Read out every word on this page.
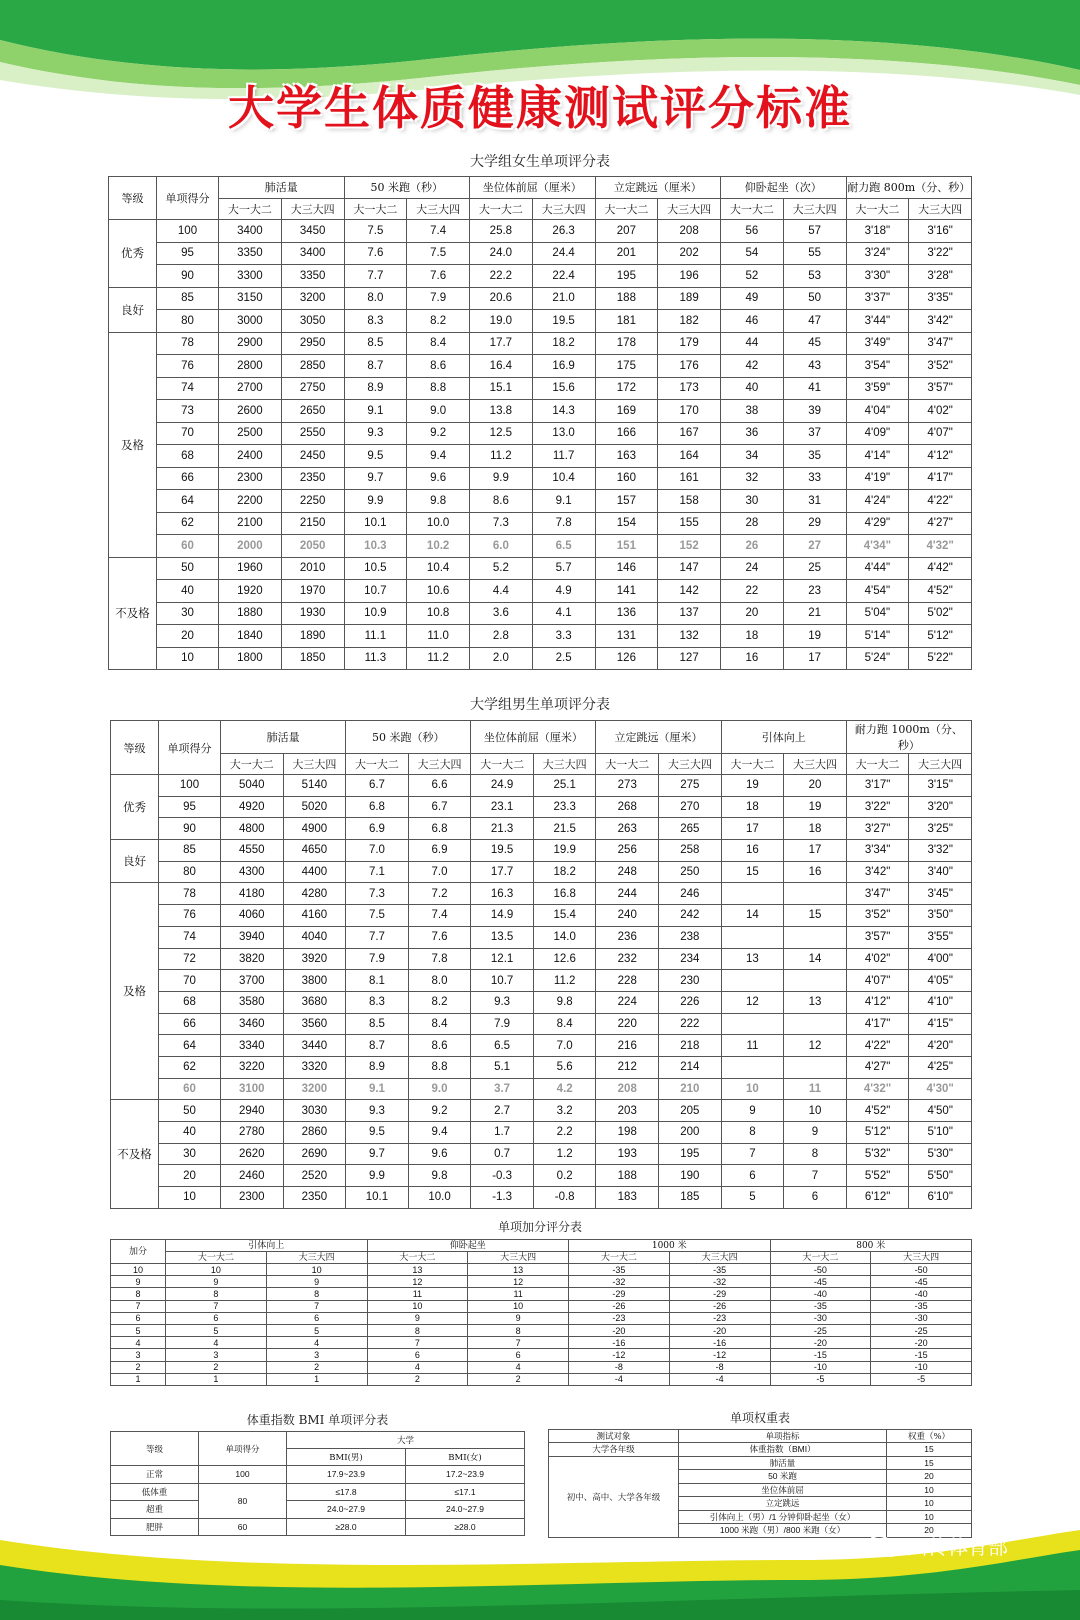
大学生体质健康测试评分标准

大学组女生单项评分表

等级	单项得分	肺活量		50 米跑（秒）		坐位体前屈（厘米）		立定跳远（厘米）		仰卧起坐（次）		耐力跑 800m（分、秒）	
		大一大二	大三大四	大一大二	大三大四	大一大二	大三大四	大一大二	大三大四	大一大二	大三大四	大一大二	大三大四
优秀	100	3400	3450	7.5	7.4	25.8	26.3	207	208	56	57	3'18"	3'16"
	95	3350	3400	7.6	7.5	24.0	24.4	201	202	54	55	3'24"	3'22"
	90	3300	3350	7.7	7.6	22.2	22.4	195	196	52	53	3'30"	3'28"
良好	85	3150	3200	8.0	7.9	20.6	21.0	188	189	49	50	3'37"	3'35"
	80	3000	3050	8.3	8.2	19.0	19.5	181	182	46	47	3'44"	3'42"
及格	78	2900	2950	8.5	8.4	17.7	18.2	178	179	44	45	3'49"	3'47"
	76	2800	2850	8.7	8.6	16.4	16.9	175	176	42	43	3'54"	3'52"
	74	2700	2750	8.9	8.8	15.1	15.6	172	173	40	41	3'59"	3'57"
	73	2600	2650	9.1	9.0	13.8	14.3	169	170	38	39	4'04"	4'02"
	70	2500	2550	9.3	9.2	12.5	13.0	166	167	36	37	4'09"	4'07"
	68	2400	2450	9.5	9.4	11.2	11.7	163	164	34	35	4'14"	4'12"
	66	2300	2350	9.7	9.6	9.9	10.4	160	161	32	33	4'19"	4'17"
	64	2200	2250	9.9	9.8	8.6	9.1	157	158	30	31	4'24"	4'22"
	62	2100	2150	10.1	10.0	7.3	7.8	154	155	28	29	4'29"	4'27"
	60	2000	2050	10.3	10.2	6.0	6.5	151	152	26	27	4'34"	4'32"
不及格	50	1960	2010	10.5	10.4	5.2	5.7	146	147	24	25	4'44"	4'42"
	40	1920	1970	10.7	10.6	4.4	4.9	141	142	22	23	4'54"	4'52"
	30	1880	1930	10.9	10.8	3.6	4.1	136	137	20	21	5'04"	5'02"
	20	1840	1890	11.1	11.0	2.8	3.3	131	132	18	19	5'14"	5'12"
	10	1800	1850	11.3	11.2	2.0	2.5	126	127	16	17	5'24"	5'22"

大学组男生单项评分表

等级	单项得分	肺活量		50 米跑（秒）		坐位体前屈（厘米）		立定跳远（厘米）		引体向上		耐力跑 1000m（分、秒）	
		大一大二	大三大四	大一大二	大三大四	大一大二	大三大四	大一大二	大三大四	大一大二	大三大四	大一大二	大三大四
优秀	100	5040	5140	6.7	6.6	24.9	25.1	273	275	19	20	3'17"	3'15"
	95	4920	5020	6.8	6.7	23.1	23.3	268	270	18	19	3'22"	3'20"
	90	4800	4900	6.9	6.8	21.3	21.5	263	265	17	18	3'27"	3'25"
良好	85	4550	4650	7.0	6.9	19.5	19.9	256	258	16	17	3'34"	3'32"
	80	4300	4400	7.1	7.0	17.7	18.2	248	250	15	16	3'42"	3'40"
及格	78	4180	4280	7.3	7.2	16.3	16.8	244	246			3'47"	3'45"
	76	4060	4160	7.5	7.4	14.9	15.4	240	242	14	15	3'52"	3'50"
	74	3940	4040	7.7	7.6	13.5	14.0	236	238			3'57"	3'55"
	72	3820	3920	7.9	7.8	12.1	12.6	232	234	13	14	4'02"	4'00"
	70	3700	3800	8.1	8.0	10.7	11.2	228	230			4'07"	4'05"
	68	3580	3680	8.3	8.2	9.3	9.8	224	226	12	13	4'12"	4'10"
	66	3460	3560	8.5	8.4	7.9	8.4	220	222			4'17"	4'15"
	64	3340	3440	8.7	8.6	6.5	7.0	216	218	11	12	4'22"	4'20"
	62	3220	3320	8.9	8.8	5.1	5.6	212	214			4'27"	4'25"
	60	3100	3200	9.1	9.0	3.7	4.2	208	210	10	11	4'32"	4'30"
不及格	50	2940	3030	9.3	9.2	2.7	3.2	203	205	9	10	4'52"	4'50"
	40	2780	2860	9.5	9.4	1.7	2.2	198	200	8	9	5'12"	5'10"
	30	2620	2690	9.7	9.6	0.7	1.2	193	195	7	8	5'32"	5'30"
	20	2460	2520	9.9	9.8	-0.3	0.2	188	190	6	7	5'52"	5'50"
	10	2300	2350	10.1	10.0	-1.3	-0.8	183	185	5	6	6'12"	6'10"

单项加分评分表

加分	引体向上		仰卧起坐		1000 米		800 米	
	大一大二	大三大四	大一大二	大三大四	大一大二	大三大四	大一大二	大三大四
10	10	10	13	13	-35	-35	-50	-50
9	9	9	12	12	-32	-32	-45	-45
8	8	8	11	11	-29	-29	-40	-40
7	7	7	10	10	-26	-26	-35	-35
6	6	6	9	9	-23	-23	-30	-30
5	5	5	8	8	-20	-20	-25	-25
4	4	4	7	7	-16	-16	-20	-20
3	3	3	6	6	-12	-12	-15	-15
2	2	2	4	4	-8	-8	-10	-10
1	1	1	2	2	-4	-4	-5	-5

体重指数 BMI 单项评分表

等级	单项得分	大学	
		BMI(男)	BMI(女)
正常	100	17.9~23.9	17.2~23.9
低体重	80	≤17.8	≤17.1
超重		24.0~27.9	24.0~27.9
肥胖	60	≥28.0	≥28.0

单项权重表

测试对象	单项指标	权重（%）
大学各年级	体重指数（BMI）	15
初中、高中、大学各年级	肺活量	15
	50 米跑	20
	坐位体前屈	10
	立定跳远	10
	引体向上（男）/1 分钟仰卧起坐（女）	10
	1000 米跑（男）/800 米跑（女）	20
川传体育部
